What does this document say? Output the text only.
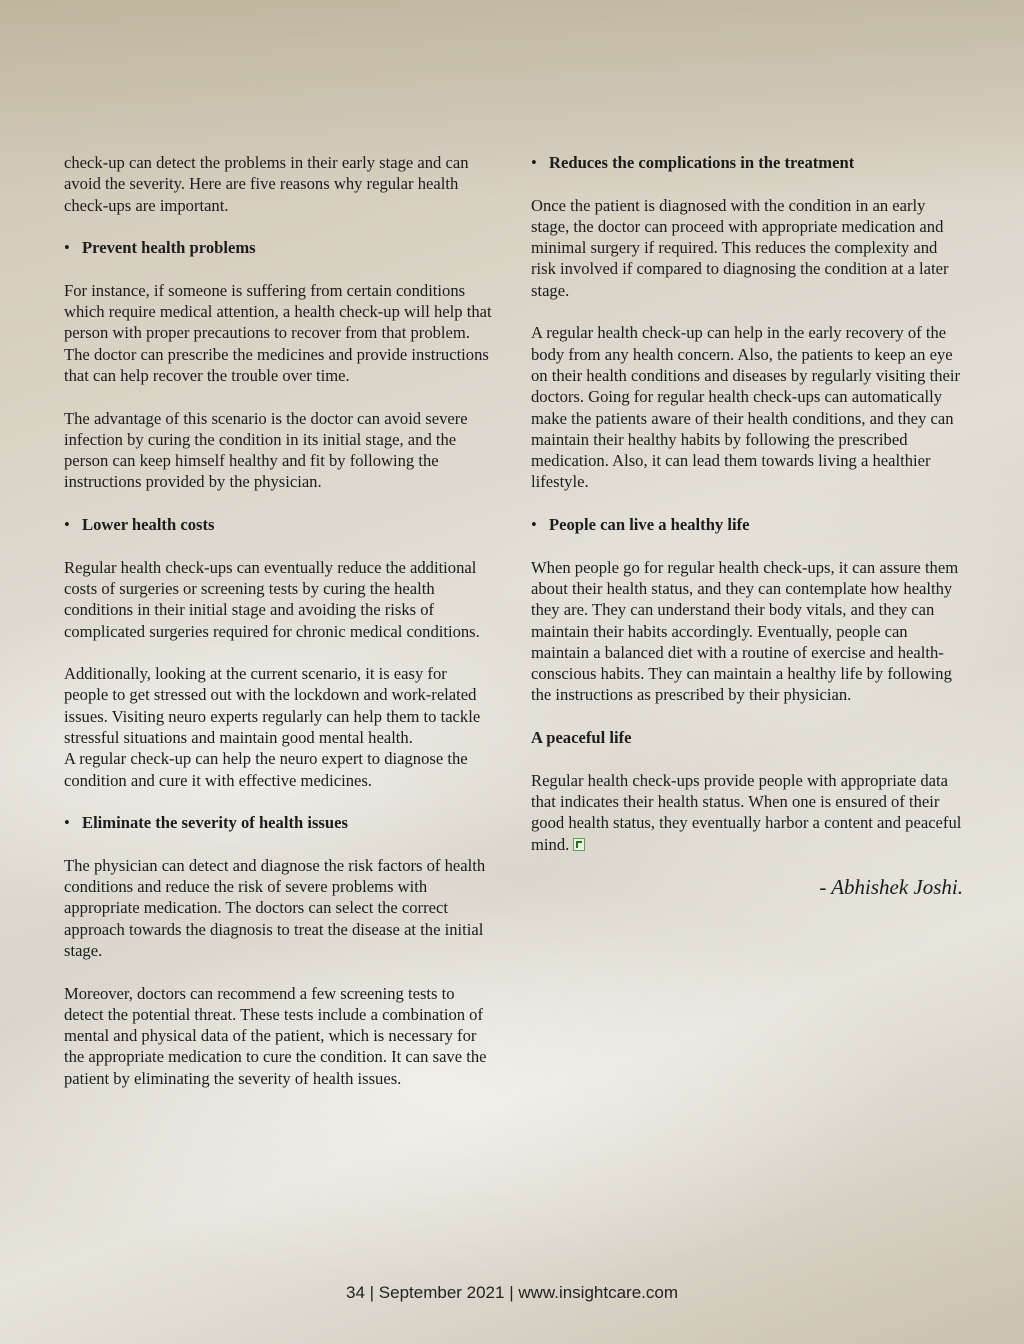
check-up can detect the problems in their early stage and can avoid the severity. Here are five reasons why regular health check-ups are important.

• Prevent health problems

For instance, if someone is suffering from certain conditions which require medical attention, a health check-up will help that person with proper precautions to recover from that problem. The doctor can prescribe the medicines and provide instructions that can help recover the trouble over time.

The advantage of this scenario is the doctor can avoid severe infection by curing the condition in its initial stage, and the person can keep himself healthy and fit by following the instructions provided by the physician.

• Lower health costs

Regular health check-ups can eventually reduce the additional costs of surgeries or screening tests by curing the health conditions in their initial stage and avoiding the risks of complicated surgeries required for chronic medical conditions.

Additionally, looking at the current scenario, it is easy for people to get stressed out with the lockdown and work-related issues. Visiting neuro experts regularly can help them to tackle stressful situations and maintain good mental health.

A regular check-up can help the neuro expert to diagnose the condition and cure it with effective medicines.

• Eliminate the severity of health issues

The physician can detect and diagnose the risk factors of health conditions and reduce the risk of severe problems with appropriate medication. The doctors can select the correct approach towards the diagnosis to treat the disease at the initial stage.

Moreover, doctors can recommend a few screening tests to detect the potential threat. These tests include a combination of mental and physical data of the patient, which is necessary for the appropriate medication to cure the condition. It can save the patient by eliminating the severity of health issues.

• Reduces the complications in the treatment

Once the patient is diagnosed with the condition in an early stage, the doctor can proceed with appropriate medication and minimal surgery if required. This reduces the complexity and risk involved if compared to diagnosing the condition at a later stage.

A regular health check-up can help in the early recovery of the body from any health concern. Also, the patients to keep an eye on their health conditions and diseases by regularly visiting their doctors. Going for regular health check-ups can automatically make the patients aware of their health conditions, and they can maintain their healthy habits by following the prescribed medication. Also, it can lead them towards living a healthier lifestyle.

• People can live a healthy life

When people go for regular health check-ups, it can assure them about their health status, and they can contemplate how healthy they are. They can understand their body vitals, and they can maintain their habits accordingly. Eventually, people can maintain a balanced diet with a routine of exercise and health-conscious habits. They can maintain a healthy life by following the instructions as prescribed by their physician.

A peaceful life

Regular health check-ups provide people with appropriate data that indicates their health status. When one is ensured of their good health status, they eventually harbor a content and peaceful mind.

- Abhishek Joshi.
34 | September 2021 | www.insightcare.com
